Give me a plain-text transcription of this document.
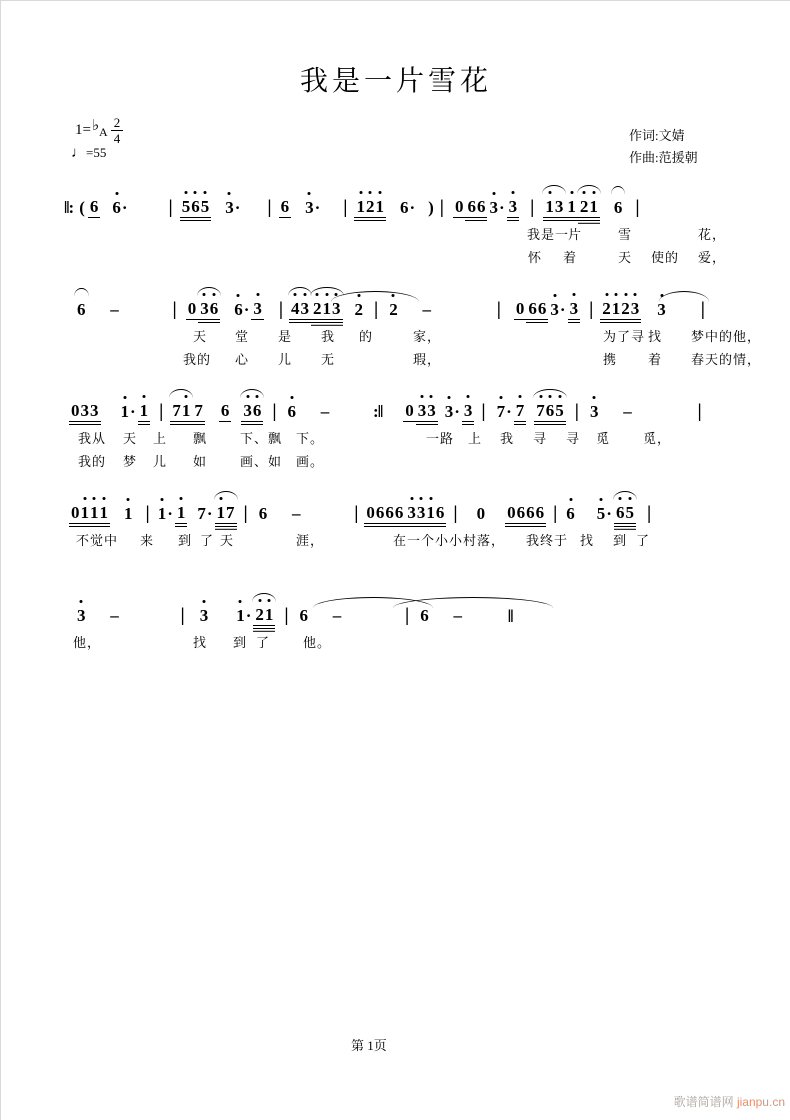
我是一片雪花
1= ♭ A $\frac{2}{4}$
♩=55
作词:文婧
作曲:范援朝
‖: ( 6 6 · | 5 6 5 3 · | 6 3 · | 1 2 1 6 · ) | 0 6 6 3 · 3 | 1 3 1 2 1 6 |
我是一
片	雪	花，
怀 着	天 使的 爱，
6	–	| 0 3 6 6 · 3 | 4 3 2 1 3 2 | 2	–	| 0 6 6 3 · 3 | 2 1 2 3 3 |
天 堂 是 我 的	家，	为了寻 找 梦中的他，
我的 心 儿 无	瑕，	携 着 春天的情，
0 3 3 1 · 1 | 7 1 7 6 3 6 | 6	–	:‖ 0 3 3 3 · 3 | 7 · 7 7 6 5 | 3	–	|
我从 天 上 飘	下、飘 下。	一路 上 我 寻 寻 觅	觅，
我的 梦 儿 如	画、如 画。
0 1 1 1 1 | 1 · 1 7 · 1 7 | 6	–	| 0 6 6 6 3 3 1 6 | 0 0 6 6 6 | 6 5 · 6 5 |
不觉中 来 到 了 天	涯，	在一个小小村落， 我终于 找 到 了
3	–	| 3 1 · 2 1 | 6	–	| 6	–	‖
他，	找 到 了	他。
第 1页
歌谱简谱网 jianpu.cn
